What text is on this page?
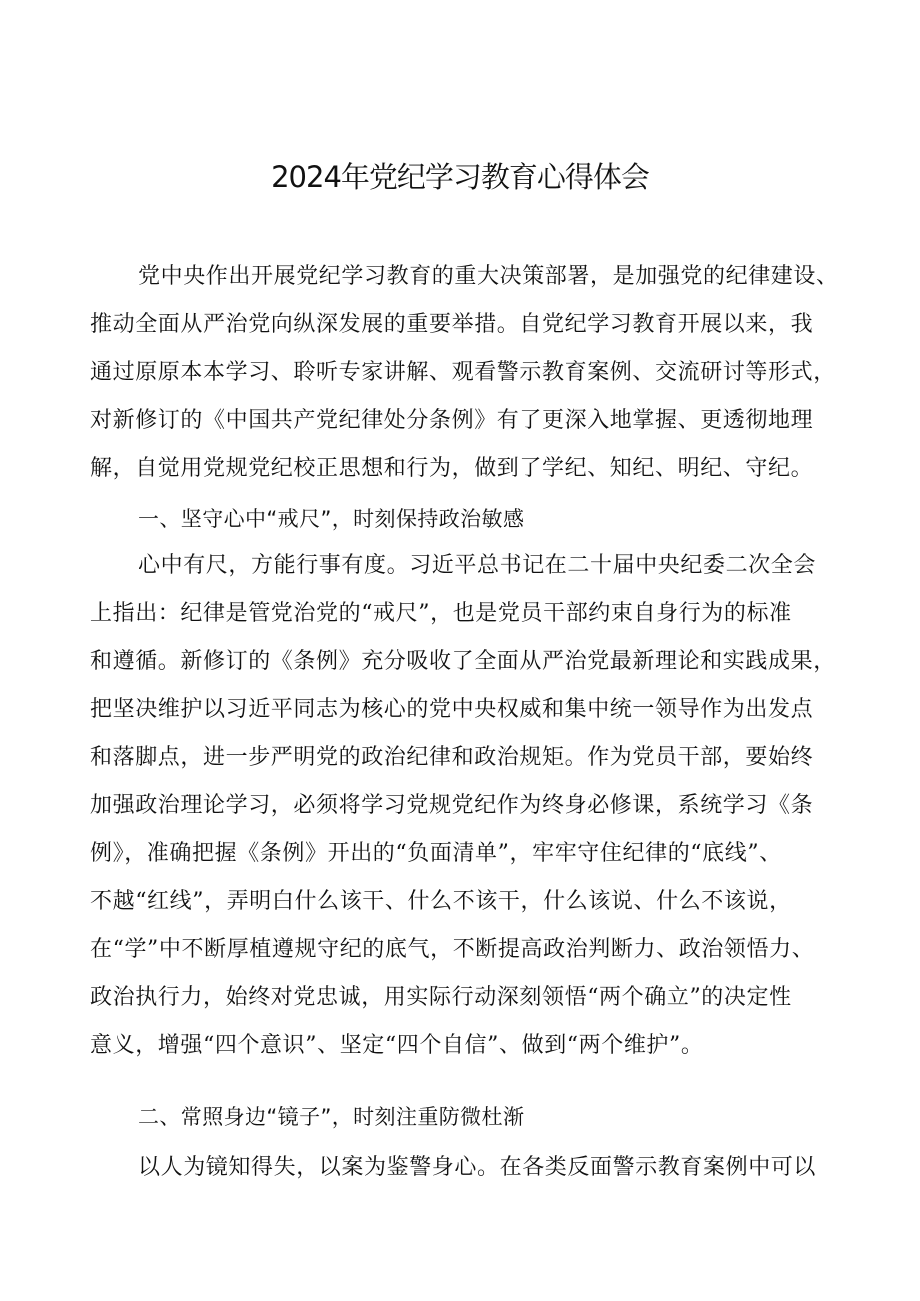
2024年党纪学习教育心得体会
党中央作出开展党纪学习教育的重大决策部署，是加强党的纪律建设、
推动全面从严治党向纵深发展的重要举措。自党纪学习教育开展以来，我
通过原原本本学习、聆听专家讲解、观看警示教育案例、交流研讨等形式，
对新修订的《中国共产党纪律处分条例》有了更深入地掌握、更透彻地理
解，自觉用党规党纪校正思想和行为，做到了学纪、知纪、明纪、守纪。
一、坚守心中“戒尺”，时刻保持政治敏感
心中有尺，方能行事有度。习近平总书记在二十届中央纪委二次全会
上指出：纪律是管党治党的“戒尺”，也是党员干部约束自身行为的标准
和遵循。新修订的《条例》充分吸收了全面从严治党最新理论和实践成果，
把坚决维护以习近平同志为核心的党中央权威和集中统一领导作为出发点
和落脚点，进一步严明党的政治纪律和政治规矩。作为党员干部，要始终
加强政治理论学习，必须将学习党规党纪作为终身必修课，系统学习《条
例》，准确把握《条例》开出的“负面清单”，牢牢守住纪律的“底线”、
不越“红线”，弄明白什么该干、什么不该干，什么该说、什么不该说，
在“学”中不断厚植遵规守纪的底气，不断提高政治判断力、政治领悟力、
政治执行力，始终对党忠诚，用实际行动深刻领悟“两个确立”的决定性
意义，增强“四个意识”、坚定“四个自信”、做到“两个维护”。
二、常照身边“镜子”，时刻注重防微杜渐
以人为镜知得失，以案为鉴警身心。在各类反面警示教育案例中可以
